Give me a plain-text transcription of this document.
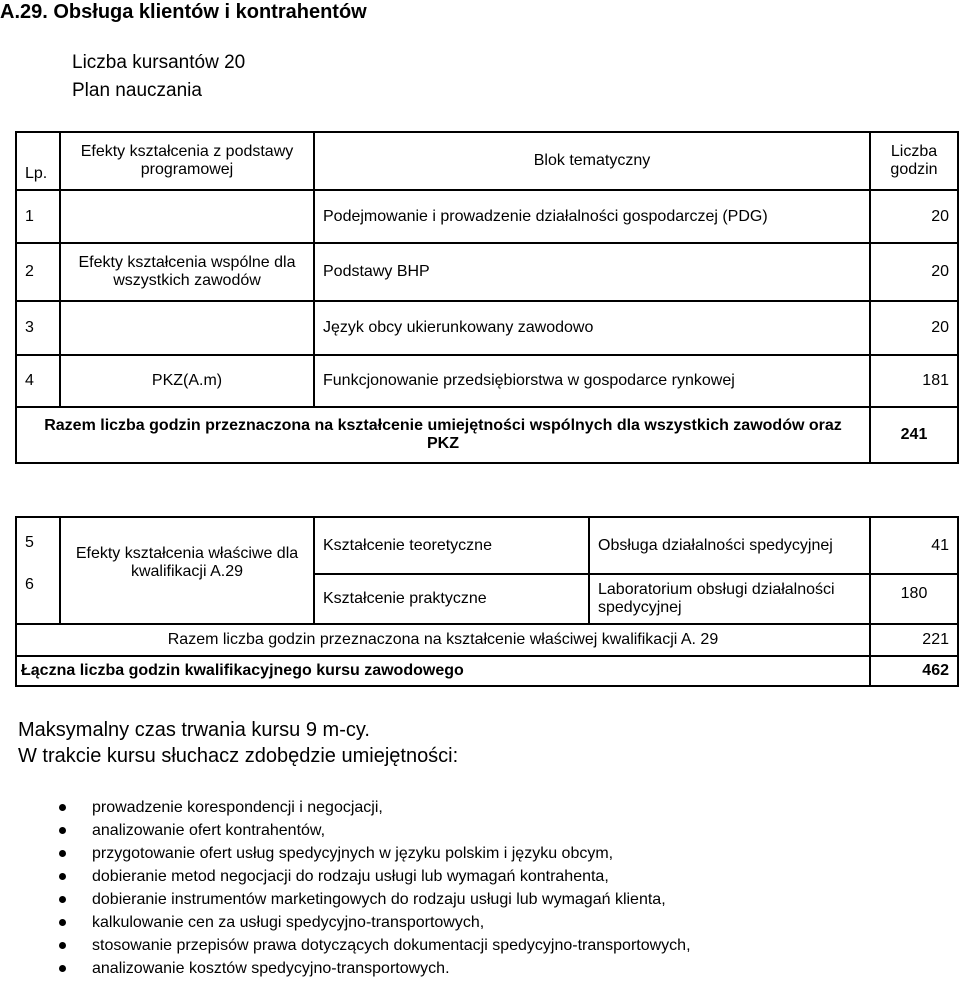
A.29. Obsługa klientów i kontrahentów
Liczba kursantów 20
Plan nauczania
Lp.	Efekty kształcenia z podstawy programowej	Blok tematyczny	Liczba godzin
1		Podejmowanie i prowadzenie działalności gospodarczej (PDG)	20
2	Efekty kształcenia wspólne dla wszystkich zawodów	Podstawy BHP	20
3		Język obcy ukierunkowany zawodowo	20
4	PKZ(A.m)	Funkcjonowanie przedsiębiorstwa w gospodarce rynkowej	181
Razem liczba godzin przeznaczona na kształcenie umiejętności wspólnych dla wszystkich zawodów oraz PKZ			241
5	Efekty kształcenia właściwe dla kwalifikacji A.29	Kształcenie teoretyczne	Obsługa działalności spedycyjnej	41
6		Kształcenie praktyczne	Laboratorium obsługi działalności spedycyjnej	180
Razem liczba godzin przeznaczona na kształcenie właściwej kwalifikacji A. 29				221
Łączna liczba godzin kwalifikacyjnego kursu zawodowego				462
Maksymalny czas trwania kursu 9 m-cy.
W trakcie kursu słuchacz zdobędzie umiejętności:
prowadzenie korespondencji i negocjacji,
analizowanie ofert kontrahentów,
przygotowanie ofert usług spedycyjnych w języku polskim i języku obcym,
dobieranie metod negocjacji do rodzaju usługi lub wymagań kontrahenta,
dobieranie instrumentów marketingowych do rodzaju usługi lub wymagań klienta,
kalkulowanie cen za usługi spedycyjno-transportowych,
stosowanie przepisów prawa dotyczących dokumentacji spedycyjno-transportowych,
analizowanie kosztów spedycyjno-transportowych.
